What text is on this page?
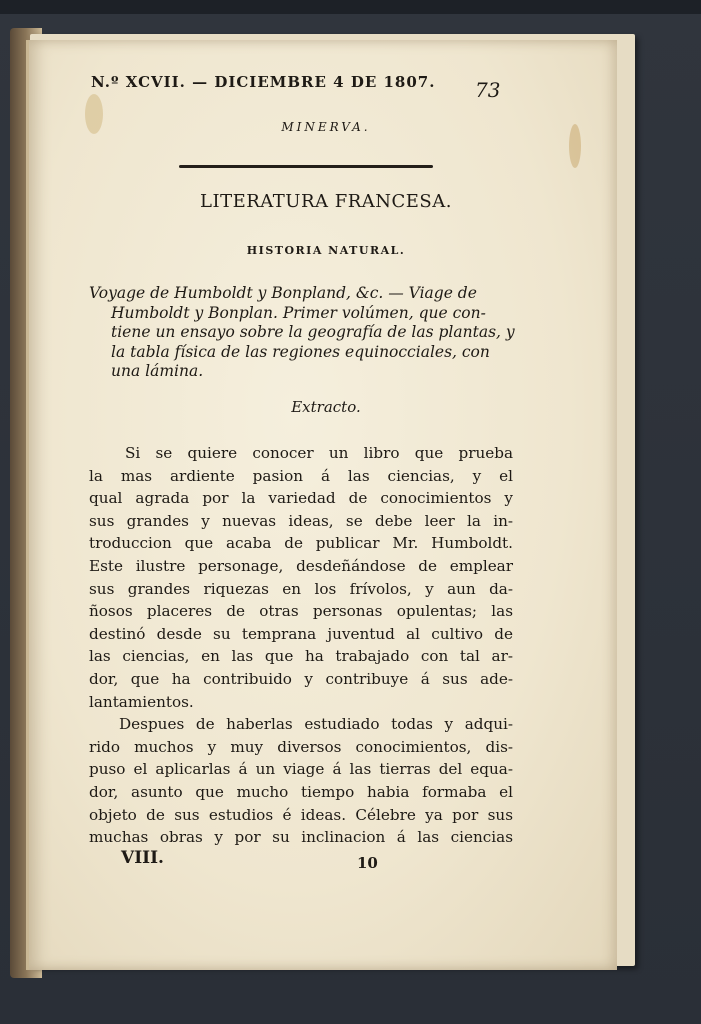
N.º XCVII. — DICIEMBRE 4 DE 1807. 73
MINERVA.
LITERATURA FRANCESA.
HISTORIA NATURAL.
Voyage de Humboldt y Bonpland, &c. — Viage de
Humboldt y Bonplan. Primer volúmen, que con-
tiene un ensayo sobre la geografía de las plantas, y
la tabla física de las regiones equinocciales, con
una lámina.
Extracto.
Si se quiere conocer un libro que prueba
la mas ardiente pasion á las ciencias, y el
qual agrada por la variedad de conocimientos y
sus grandes y nuevas ideas, se debe leer la in-
troduccion que acaba de publicar Mr. Humboldt.
Este ilustre personage, desdeñándose de emplear
sus grandes riquezas en los frívolos, y aun da-
ñosos placeres de otras personas opulentas; las
destinó desde su temprana juventud al cultivo de
las ciencias, en las que ha trabajado con tal ar-
dor, que ha contribuido y contribuye á sus ade-
lantamientos.
Despues de haberlas estudiado todas y adqui-
rido muchos y muy diversos conocimientos, dis-
puso el aplicarlas á un viage á las tierras del equa-
dor, asunto que mucho tiempo habia formaba el
objeto de sus estudios é ideas. Célebre ya por sus
muchas obras y por su inclinacion á las ciencias
VIII.	10
